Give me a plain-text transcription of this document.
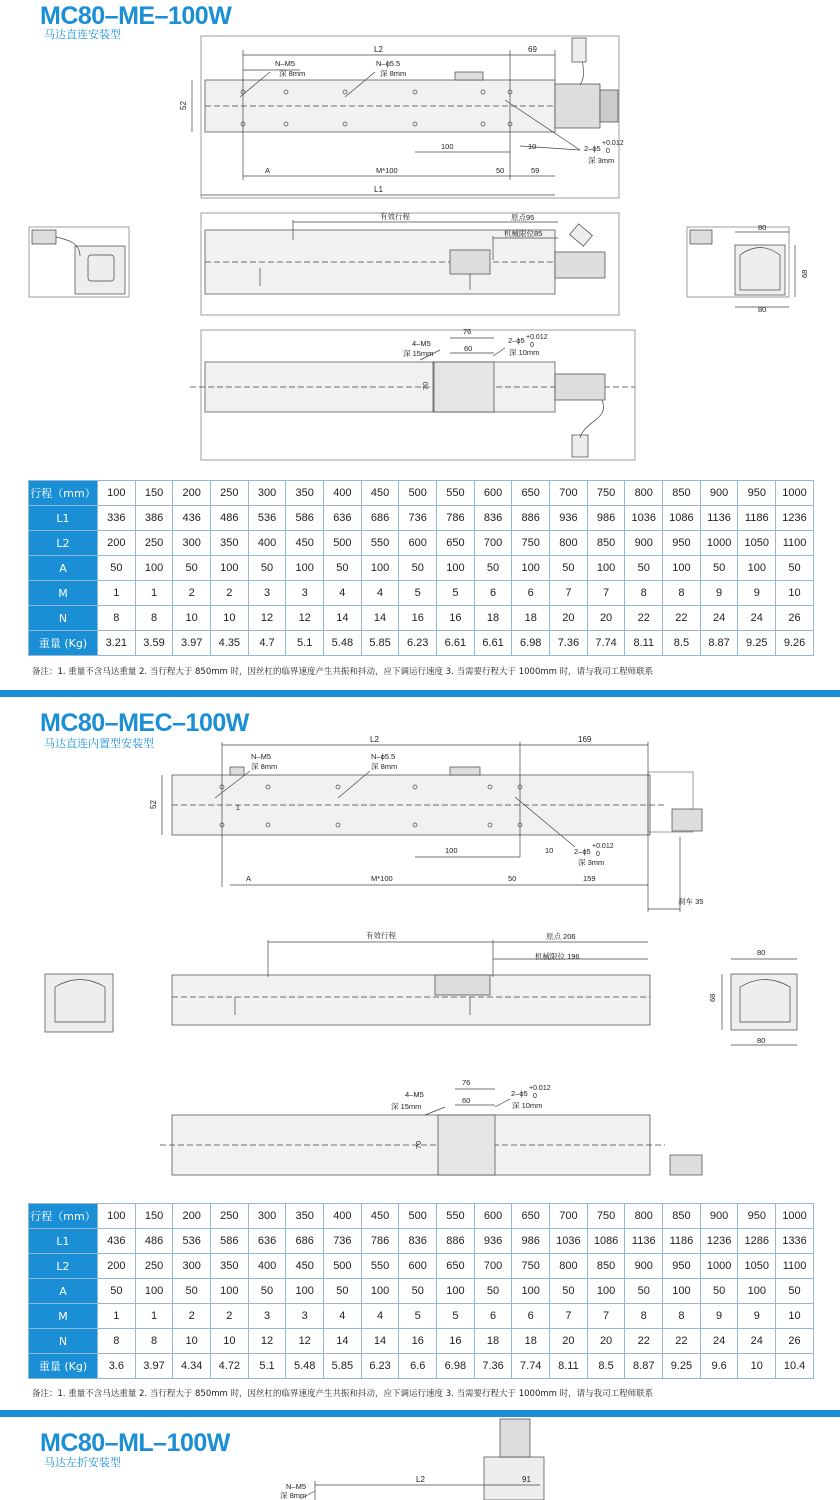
MC80–ME–100W
马达直连安装型
L2	69
N–M5
深 8mm
N–ϕ5.5
深 8mm
52
100	10	2–ϕ5
+0.012
0
深 3mm
A	M*100	50	59
L1
有效行程	原点95
机械限位85
80
68
80
76
4–M5
深 15mm
60
2–ϕ5 +0.012
0
深 10mm
70
行程（mm）	100	150	200	250	300	350	400	450	500	550	600	650	700	750	800	850	900	950	1000
L1	336	386	436	486	536	586	636	686	736	786	836	886	936	986	1036	1086	1136	1186	1236
L2	200	250	300	350	400	450	500	550	600	650	700	750	800	850	900	950	1000	1050	1100
A	50	100	50	100	50	100	50	100	50	100	50	100	50	100	50	100	50	100	50
M	1	1	2	2	3	3	4	4	5	5	6	6	7	7	8	8	9	9	10
N	8	8	10	10	12	12	14	14	16	16	18	18	20	20	22	22	24	24	26
重量 (Kg)	3.21	3.59	3.97	4.35	4.7	5.1	5.48	5.85	6.23	6.61	6.61	6.98	7.36	7.74	8.11	8.5	8.87	9.25	9.26
备注：1. 重量不含马达重量 2. 当行程大于 850mm 时，因丝杠的临界速度产生共振和抖动，应下调运行速度 3. 当需要行程大于 1000mm 时，请与我司工程师联系
MC80–MEC–100W
马达直连内置型安装型	L2	169
N–M5
深 8mm
N–ϕ5.5
深 8mm
52	1
100	10	2–ϕ5
+0.012
0
深 3mm
A	M*100	50	159
刹车 35
有效行程	原点 206
机械限位 196	80
68
80
76
4–M5
深 15mm
60
2–ϕ5
+0.012
0
深 10mm
70
行程（mm）	100	150	200	250	300	350	400	450	500	550	600	650	700	750	800	850	900	950	1000
L1	436	486	536	586	636	686	736	786	836	886	936	986	1036	1086	1136	1186	1236	1286	1336
L2	200	250	300	350	400	450	500	550	600	650	700	750	800	850	900	950	1000	1050	1100
A	50	100	50	100	50	100	50	100	50	100	50	100	50	100	50	100	50	100	50
M	1	1	2	2	3	3	4	4	5	5	6	6	7	7	8	8	9	9	10
N	8	8	10	10	12	12	14	14	16	16	18	18	20	20	22	22	24	24	26
重量 (Kg)	3.6	3.97	4.34	4.72	5.1	5.48	5.85	6.23	6.6	6.98	7.36	7.74	8.11	8.5	8.87	9.25	9.6	10	10.4
备注：1. 重量不含马达重量 2. 当行程大于 850mm 时，因丝杠的临界速度产生共振和抖动，应下调运行速度 3. 当需要行程大于 1000mm 时，请与我司工程师联系
MC80–ML–100W
马达左折安装型
N–M5
深 8mm
L2	91
